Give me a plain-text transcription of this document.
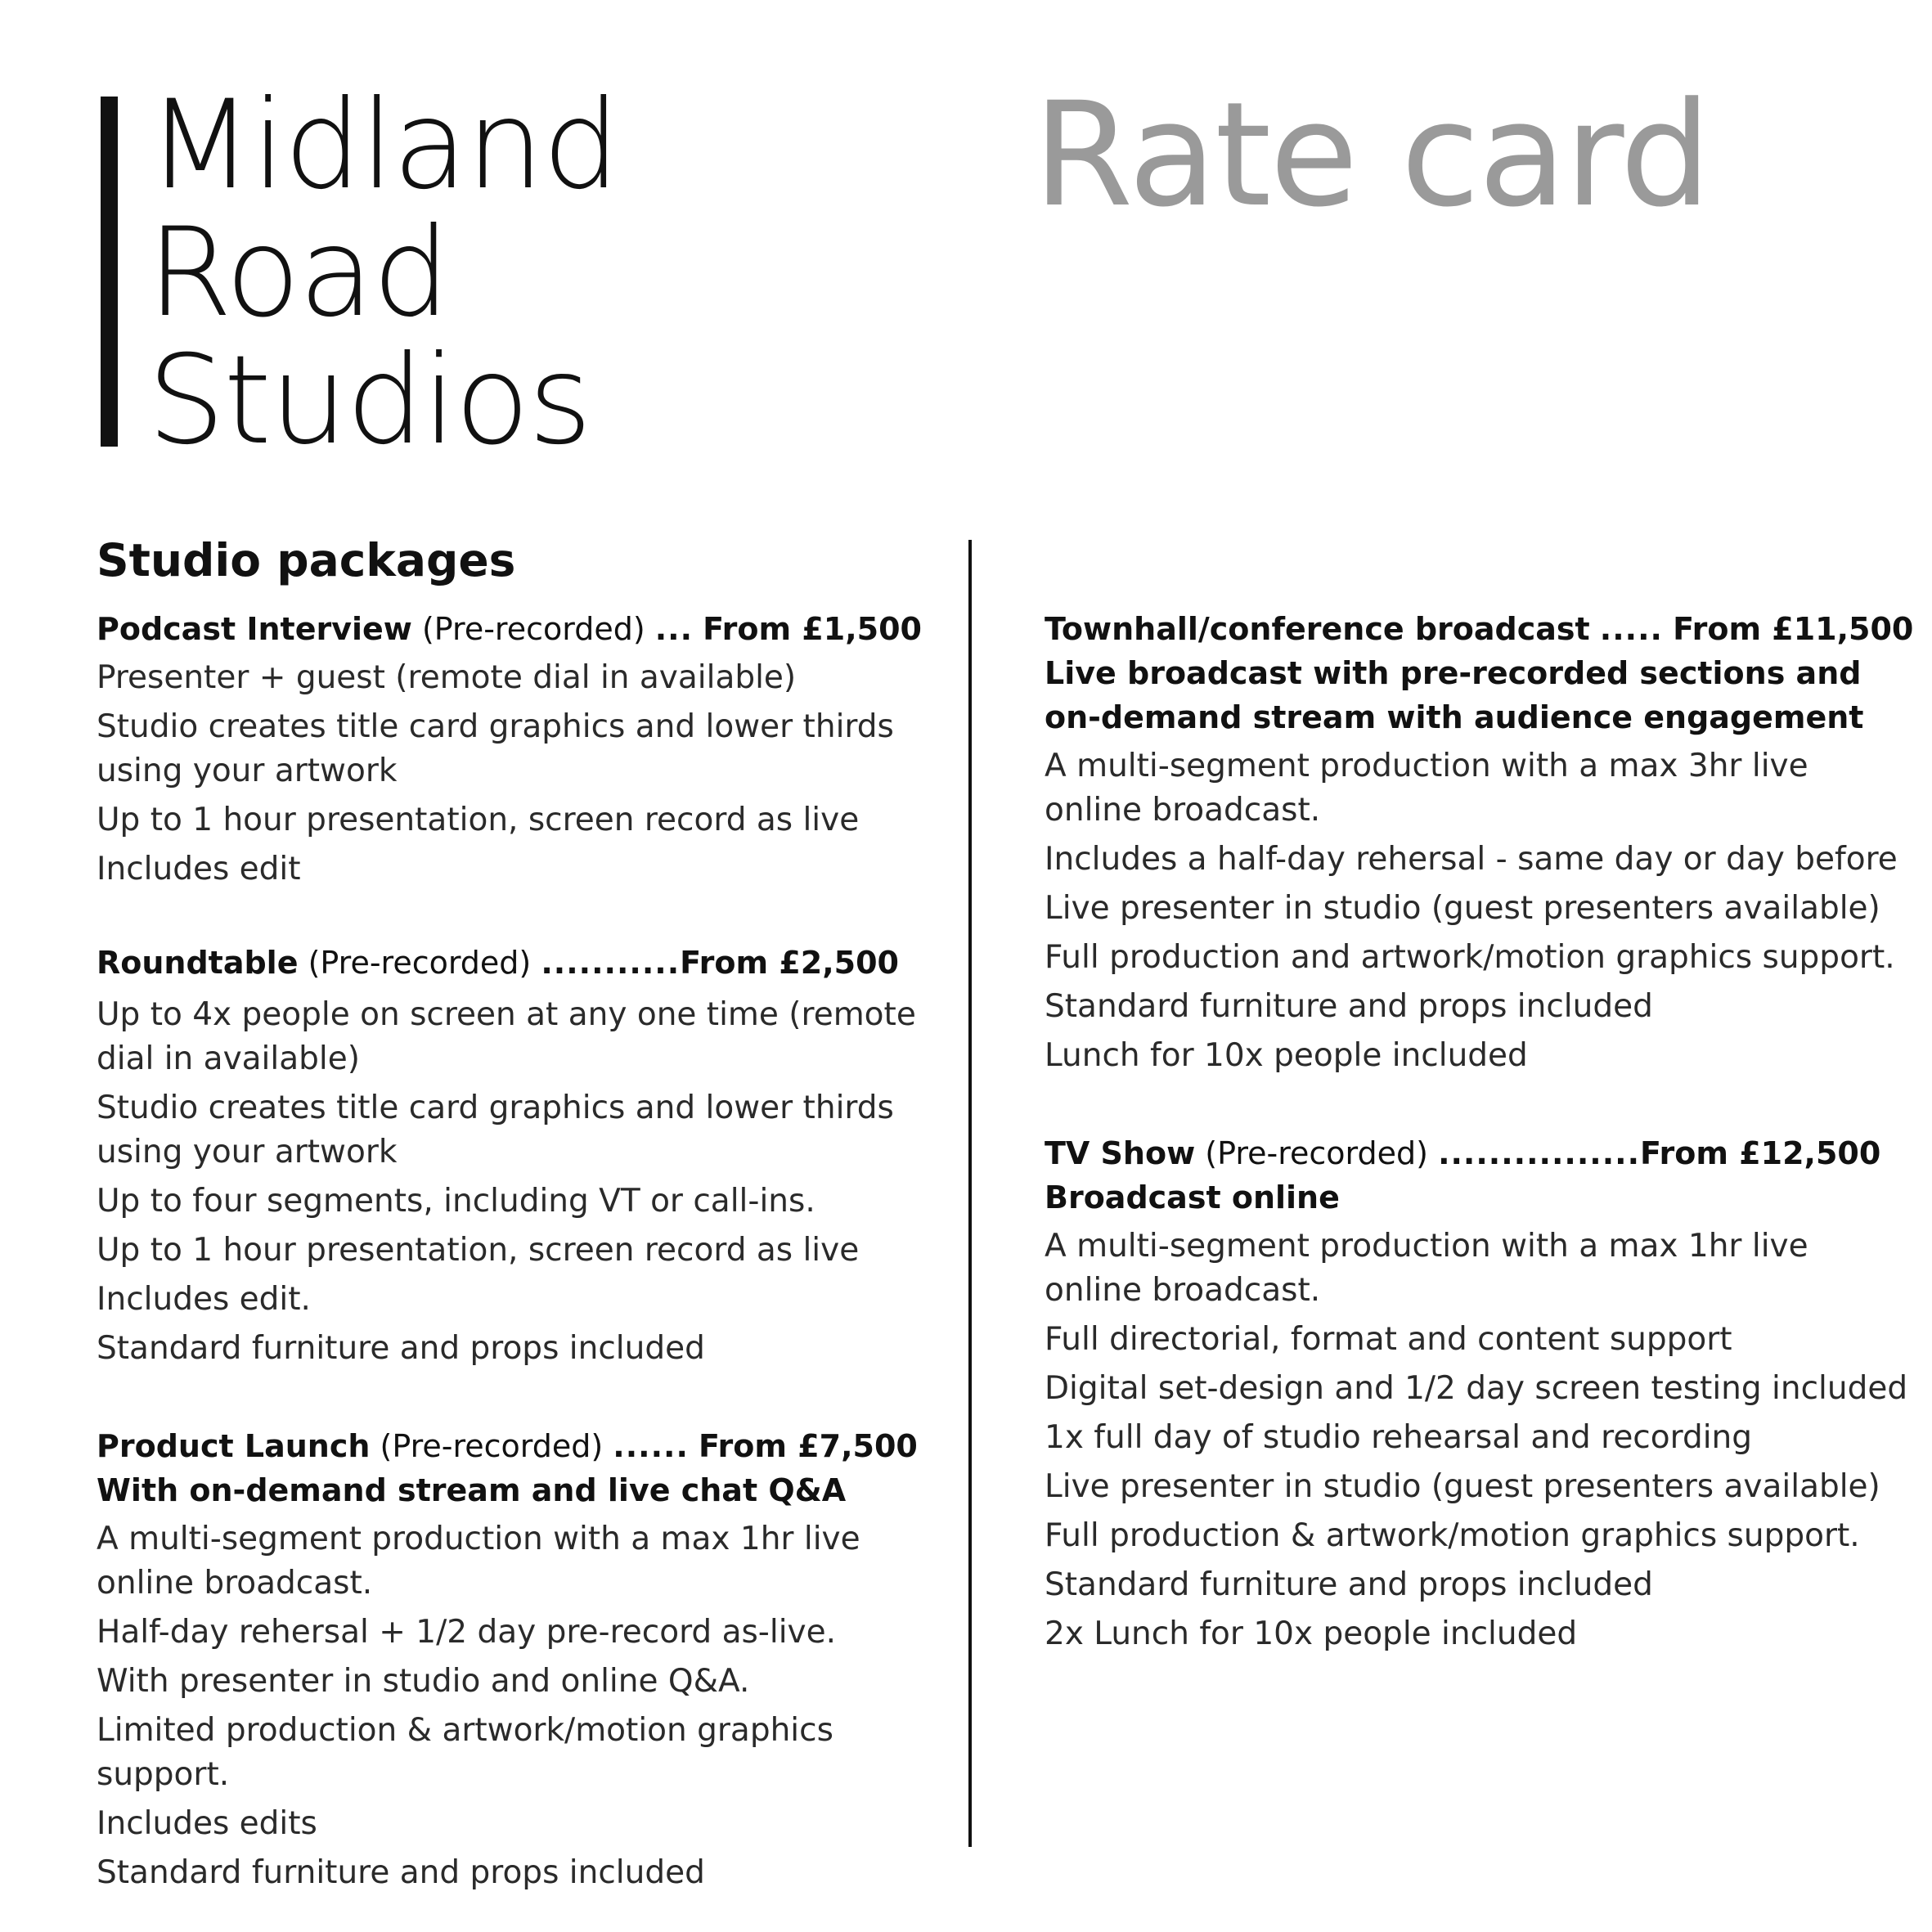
Midland
Road
Studios
Rate card
Studio packages
Podcast Interview (Pre-recorded) ... From £1,500
Presenter + guest (remote dial in available)
Studio creates title card graphics and lower thirds using your artwork
Up to 1 hour presentation, screen record as live
Includes edit
Roundtable (Pre-recorded) ...........From £2,500
Up to 4x people on screen at any one time (remote dial in available)
Studio creates title card graphics and lower thirds using your artwork
Up to four segments, including VT or call-ins.
Up to 1 hour presentation, screen record as live
Includes edit.
Standard furniture and props included
Product Launch (Pre-recorded) ...... From £7,500
With on-demand stream and live chat Q&A
A multi-segment production with a max 1hr live online broadcast.
Half-day rehersal + 1/2 day pre-record as-live.
With presenter in studio and online Q&A.
Limited production & artwork/motion graphics support.
Includes edits
Standard furniture and props included
Townhall/conference broadcast ..... From £11,500
Live broadcast with pre-recorded sections and on-demand stream with audience engagement
A multi-segment production with a max 3hr live online broadcast.
Includes a half-day rehersal - same day or day before
Live presenter in studio (guest presenters available)
Full production and artwork/motion graphics support.
Standard furniture and props included
Lunch for 10x people included
TV Show (Pre-recorded) ................From £12,500
Broadcast online
A multi-segment production with a max 1hr live online broadcast.
Full directorial, format and content support
Digital set-design and 1/2 day screen testing included
1x full day of studio rehearsal and recording
Live presenter in studio (guest presenters available)
Full production & artwork/motion graphics support.
Standard furniture and props included
2x Lunch for 10x people included
